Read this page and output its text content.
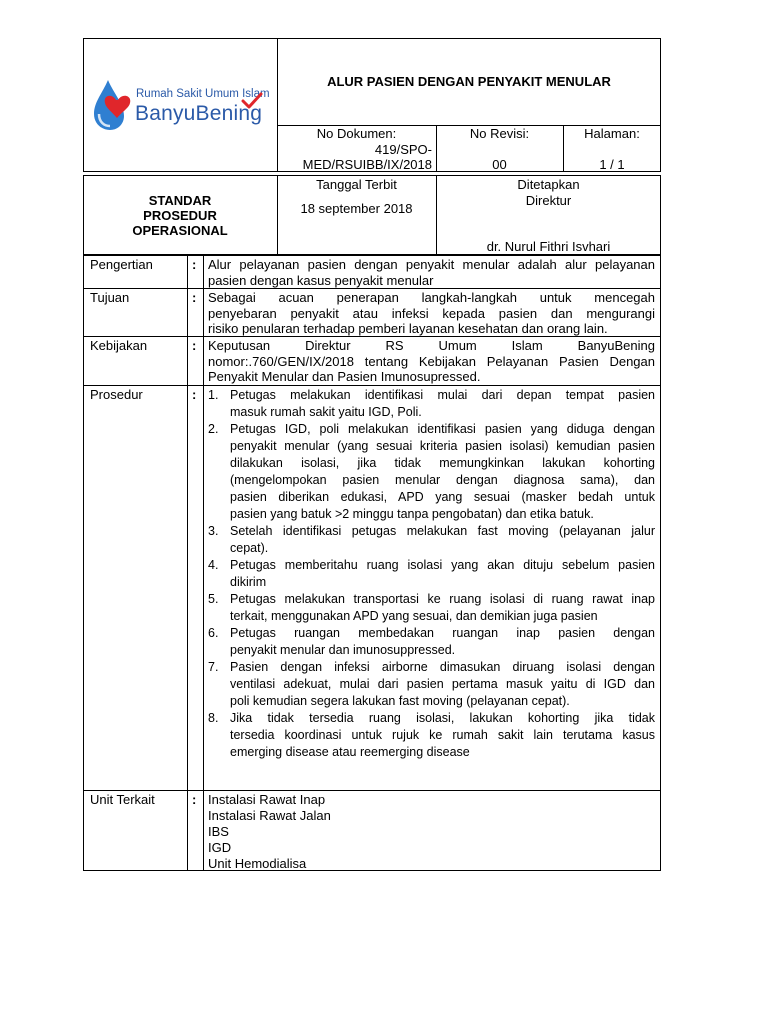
Rumah Sakit Umum Islam
BanyuBening
ALUR PASIEN DENGAN PENYAKIT MENULAR
No Dokumen:
419/SPO-
MED/RSUIBB/IX/2018
No Revisi:
00
Halaman:
1 / 1
STANDAR
PROSEDUR
OPERASIONAL
Tanggal Terbit
18 september 2018
Ditetapkan
Direktur
dr. Nurul Fithri Isvhari
Pengertian	: Alur pelayanan pasien dengan penyakit menular adalah alur pelayanan
pasien dengan kasus penyakit menular
Tujuan	: Sebagai acuan penerapan langkah-langkah untuk mencegah
penyebaran penyakit atau infeksi kepada pasien dan mengurangi
risiko penularan terhadap pemberi layanan kesehatan dan orang lain.
Kebijakan	: Keputusan Direktur RS Umum Islam BanyuBening
nomor:.760/GEN/IX/2018 tentang Kebijakan Pelayanan Pasien Dengan
Penyakit Menular dan Pasien Imunosupressed.
Prosedur	: 1. Petugas melakukan identifikasi mulai dari depan tempat pasien
masuk rumah sakit yaitu IGD, Poli.
2. Petugas IGD, poli melakukan identifikasi pasien yang diduga dengan
penyakit menular (yang sesuai kriteria pasien isolasi) kemudian pasien
dilakukan isolasi, jika tidak memungkinkan lakukan kohorting
(mengelompokan pasien menular dengan diagnosa sama), dan
pasien diberikan edukasi, APD yang sesuai (masker bedah untuk
pasien yang batuk >2 minggu tanpa pengobatan) dan etika batuk.
3. Setelah identifikasi petugas melakukan fast moving (pelayanan jalur
cepat).
4. Petugas memberitahu ruang isolasi yang akan dituju sebelum pasien
dikirim
5. Petugas melakukan transportasi ke ruang isolasi di ruang rawat inap
terkait, menggunakan APD yang sesuai, dan demikian juga pasien
6. Petugas ruangan membedakan ruangan inap pasien dengan
penyakit menular dan imunosuppressed.
7. Pasien dengan infeksi airborne dimasukan diruang isolasi dengan
ventilasi adekuat, mulai dari pasien pertama masuk yaitu di IGD dan
poli kemudian segera lakukan fast moving (pelayanan cepat).
8. Jika tidak tersedia ruang isolasi, lakukan kohorting jika tidak
tersedia koordinasi untuk rujuk ke rumah sakit lain terutama kasus
emerging disease atau reemerging disease
Unit Terkait	: Instalasi Rawat Inap
Instalasi Rawat Jalan
IBS
IGD
Unit Hemodialisa
